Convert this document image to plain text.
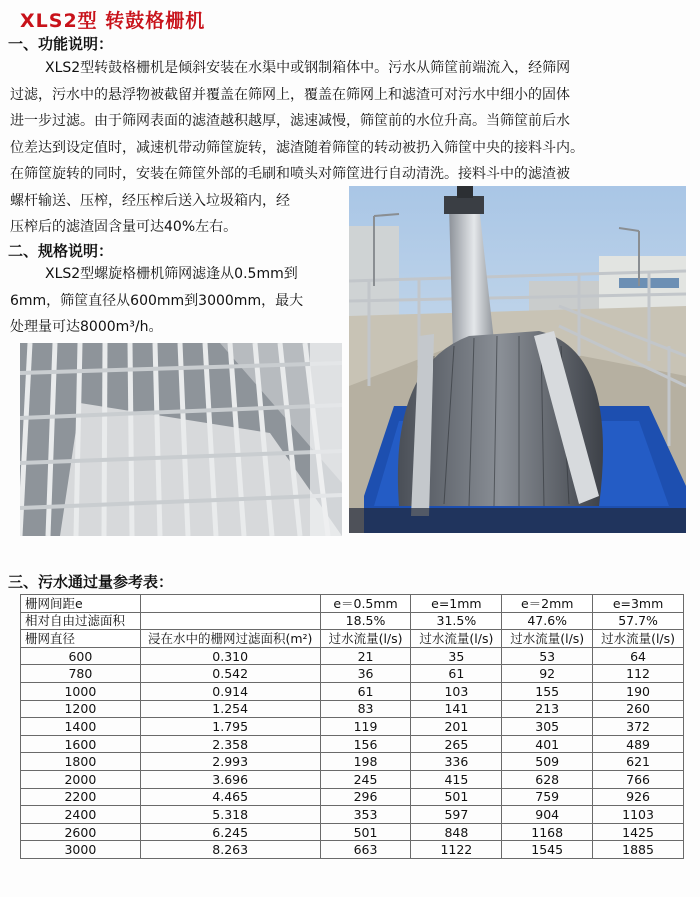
XLS2型 转鼓格栅机
一、功能说明：
XLS2型转鼓格栅机是倾斜安装在水渠中或钢制箱体中。污水从筛筐前端流入，经筛网
过滤，污水中的悬浮物被截留并覆盖在筛网上，覆盖在筛网上和滤渣可对污水中细小的固体
进一步过滤。由于筛网表面的滤渣越积越厚，滤速减慢，筛筐前的水位升高。当筛筐前后水
位差达到设定值时，减速机带动筛筐旋转，滤渣随着筛筐的转动被扔入筛筐中央的接料斗内。
在筛筐旋转的同时，安装在筛筐外部的毛刷和喷头对筛筐进行自动清洗。接料斗中的滤渣被
螺杆输送、压榨，经压榨后送入垃圾箱内，经
压榨后的滤渣固含量可达40%左右。
二、规格说明：
XLS2型螺旋格栅机筛网滤逢从0.5mm到
6mm，筛筐直径从600mm到3000mm，最大
处理量可达8000m³/h。
三、污水通过量参考表：
栅网间距e		e＝0.5mm	e=1mm	e＝2mm	e=3mm
相对自由过滤面积		18.5%	31.5%	47.6%	57.7%
栅网直径	浸在水中的栅网过滤面积(m²)	过水流量(l/s)	过水流量(l/s)	过水流量(l/s)	过水流量(l/s)
600	0.310	21	35	53	64
780	0.542	36	61	92	112
1000	0.914	61	103	155	190
1200	1.254	83	141	213	260
1400	1.795	119	201	305	372
1600	2.358	156	265	401	489
1800	2.993	198	336	509	621
2000	3.696	245	415	628	766
2200	4.465	296	501	759	926
2400	5.318	353	597	904	1103
2600	6.245	501	848	1168	1425
3000	8.263	663	1122	1545	1885
